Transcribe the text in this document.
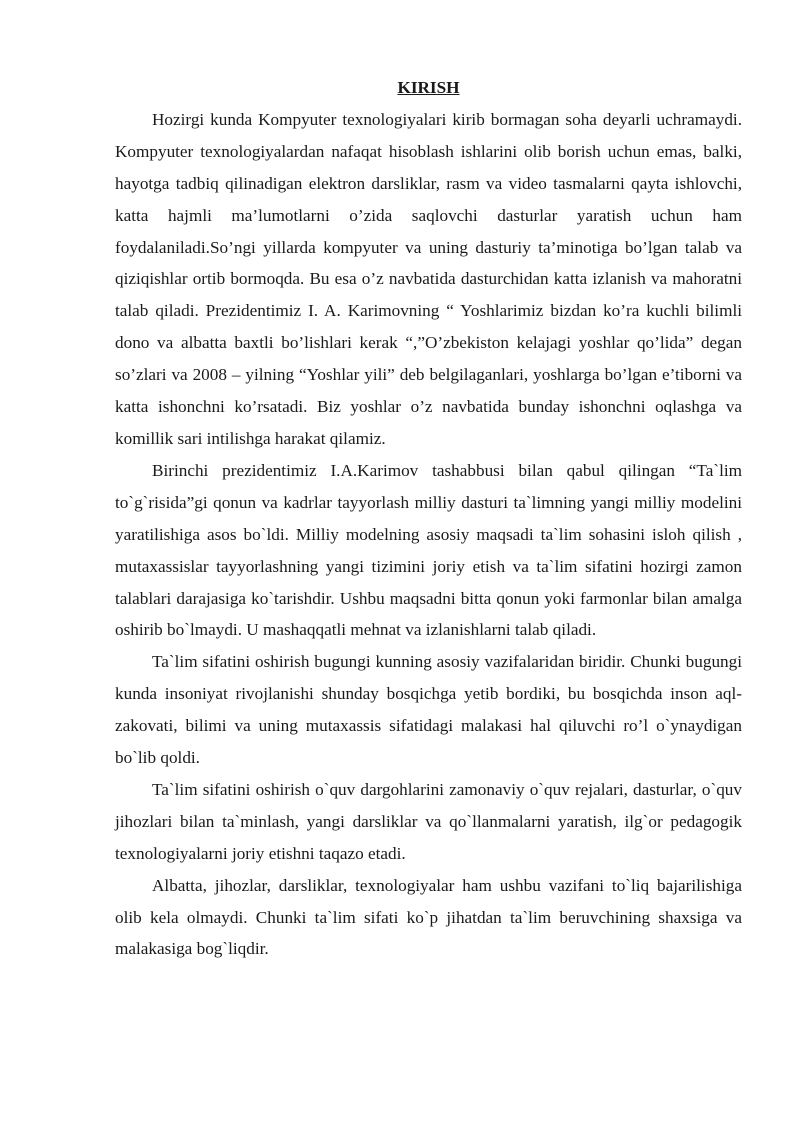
KIRISH

Hozirgi kunda Kompyuter texnologiyalari kirib bormagan soha deyarli uchramaydi. Kompyuter texnologiyalardan nafaqat hisoblash ishlarini olib borish uchun emas, balki, hayotga tadbiq qilinadigan elektron darsliklar, rasm va video tasmalarni qayta ishlovchi, katta hajmli ma’lumotlarni o’zida saqlovchi dasturlar yaratish uchun ham foydalaniladi.So’ngi yillarda kompyuter va uning dasturiy ta’minotiga bo’lgan talab va qiziqishlar ortib bormoqda. Bu esa o’z navbatida dasturchidan katta izlanish va mahoratni talab qiladi. Prezidentimiz I. A. Karimovning “ Yoshlarimiz bizdan ko’ra kuchli bilimli dono va albatta baxtli bo’lishlari kerak “,”O’zbekiston kelajagi yoshlar qo’lida” degan so’zlari va 2008 – yilning “Yoshlar yili” deb belgilaganlari, yoshlarga bo’lgan e’tiborni va katta ishonchni ko’rsatadi. Biz yoshlar o’z navbatida bunday ishonchni oqlashga va komillik sari intilishga harakat qilamiz.

Birinchi prezidentimiz I.A.Karimov tashabbusi bilan qabul qilingan “Ta`lim to`g`risida”gi qonun va kadrlar tayyorlash milliy dasturi ta`limning yangi milliy modelini yaratilishiga asos bo`ldi. Milliy modelning asosiy maqsadi ta`lim sohasini isloh qilish , mutaxassislar tayyorlashning yangi tizimini joriy etish va ta`lim sifatini hozirgi zamon talablari darajasiga ko`tarishdir. Ushbu maqsadni bitta qonun yoki farmonlar bilan amalga oshirib bo`lmaydi. U mashaqqatli mehnat va izlanishlarni talab qiladi.

Ta`lim sifatini oshirish bugungi kunning asosiy vazifalaridan biridir. Chunki bugungi kunda insoniyat rivojlanishi shunday bosqichga yetib bordiki, bu bosqichda inson aql-zakovati, bilimi va uning mutaxassis sifatidagi malakasi hal qiluvchi ro’l o`ynaydigan bo`lib qoldi.

Ta`lim sifatini oshirish o`quv dargohlarini zamonaviy o`quv rejalari, dasturlar, o`quv jihozlari bilan ta`minlash, yangi darsliklar va qo`llanmalarni yaratish, ilg`or pedagogik texnologiyalarni joriy etishni taqazo etadi.

Albatta, jihozlar, darsliklar, texnologiyalar ham ushbu vazifani to`liq bajarilishiga olib kela olmaydi. Chunki ta`lim sifati ko`p jihatdan ta`lim beruvchining shaxsiga va malakasiga bog`liqdir.
